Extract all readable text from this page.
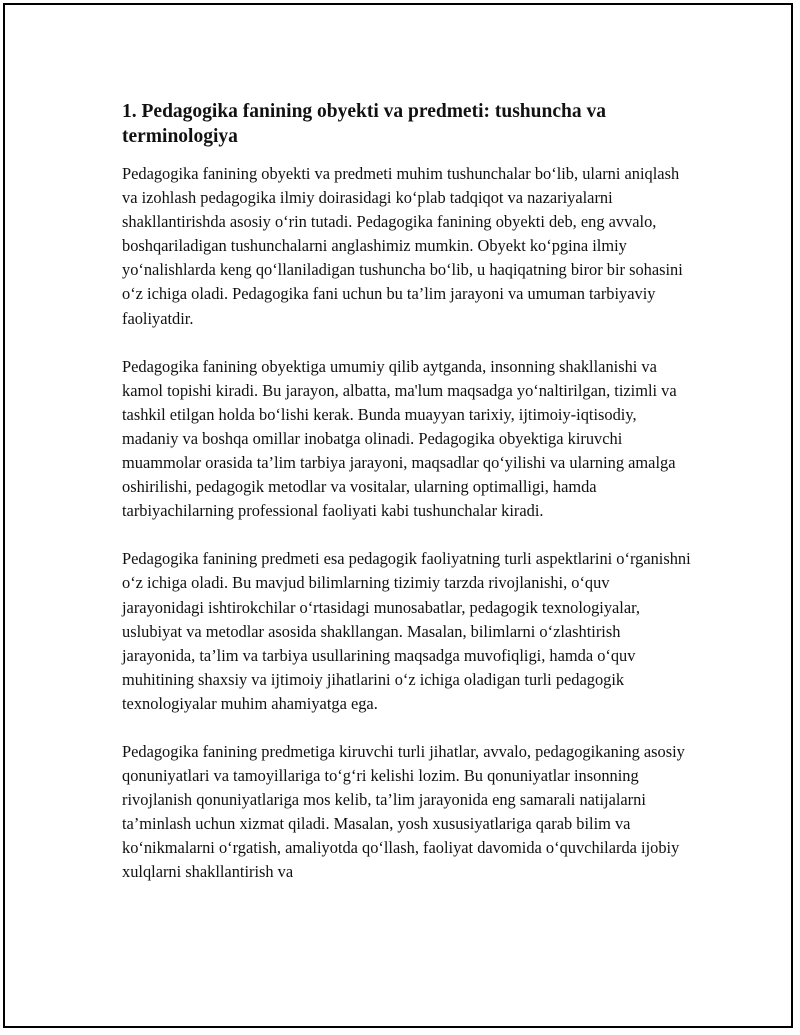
1. Pedagogika fanining obyekti va predmeti: tushuncha va terminologiya

Pedagogika fanining obyekti va predmeti muhim tushunchalar bo‘lib, ularni aniqlash va izohlash pedagogika ilmiy doirasidagi ko‘plab tadqiqot va nazariyalarni shakllantirishda asosiy o‘rin tutadi. Pedagogika fanining obyekti deb, eng avvalo, boshqariladigan tushunchalarni anglashimiz mumkin. Obyekt ko‘pgina ilmiy yo‘nalishlarda keng qo‘llaniladigan tushuncha bo‘lib, u haqiqatning biror bir sohasini o‘z ichiga oladi. Pedagogika fani uchun bu ta’lim jarayoni va umuman tarbiyaviy faoliyatdir.

Pedagogika fanining obyektiga umumiy qilib aytganda, insonning shakllanishi va kamol topishi kiradi. Bu jarayon, albatta, ma'lum maqsadga yo‘naltirilgan, tizimli va tashkil etilgan holda bo‘lishi kerak. Bunda muayyan tarixiy, ijtimoiy-iqtisodiy, madaniy va boshqa omillar inobatga olinadi. Pedagogika obyektiga kiruvchi muammolar orasida ta’lim tarbiya jarayoni, maqsadlar qo‘yilishi va ularning amalga oshirilishi, pedagogik metodlar va vositalar, ularning optimalligi, hamda tarbiyachilarning professional faoliyati kabi tushunchalar kiradi.

Pedagogika fanining predmeti esa pedagogik faoliyatning turli aspektlarini o‘rganishni o‘z ichiga oladi. Bu mavjud bilimlarning tizimiy tarzda rivojlanishi, o‘quv jarayonidagi ishtirokchilar o‘rtasidagi munosabatlar, pedagogik texnologiyalar, uslubiyat va metodlar asosida shakllangan. Masalan, bilimlarni o‘zlashtirish jarayonida, ta’lim va tarbiya usullarining maqsadga muvofiqligi, hamda o‘quv muhitining shaxsiy va ijtimoiy jihatlarini o‘z ichiga oladigan turli pedagogik texnologiyalar muhim ahamiyatga ega.

Pedagogika fanining predmetiga kiruvchi turli jihatlar, avvalo, pedagogikaning asosiy qonuniyatlari va tamoyillariga to‘g‘ri kelishi lozim. Bu qonuniyatlar insonning rivojlanish qonuniyatlariga mos kelib, ta’lim jarayonida eng samarali natijalarni ta’minlash uchun xizmat qiladi. Masalan, yosh xususiyatlariga qarab bilim va ko‘nikmalarni o‘rgatish, amaliyotda qo‘llash, faoliyat davomida o‘quvchilarda ijobiy xulqlarni shakllantirish va
